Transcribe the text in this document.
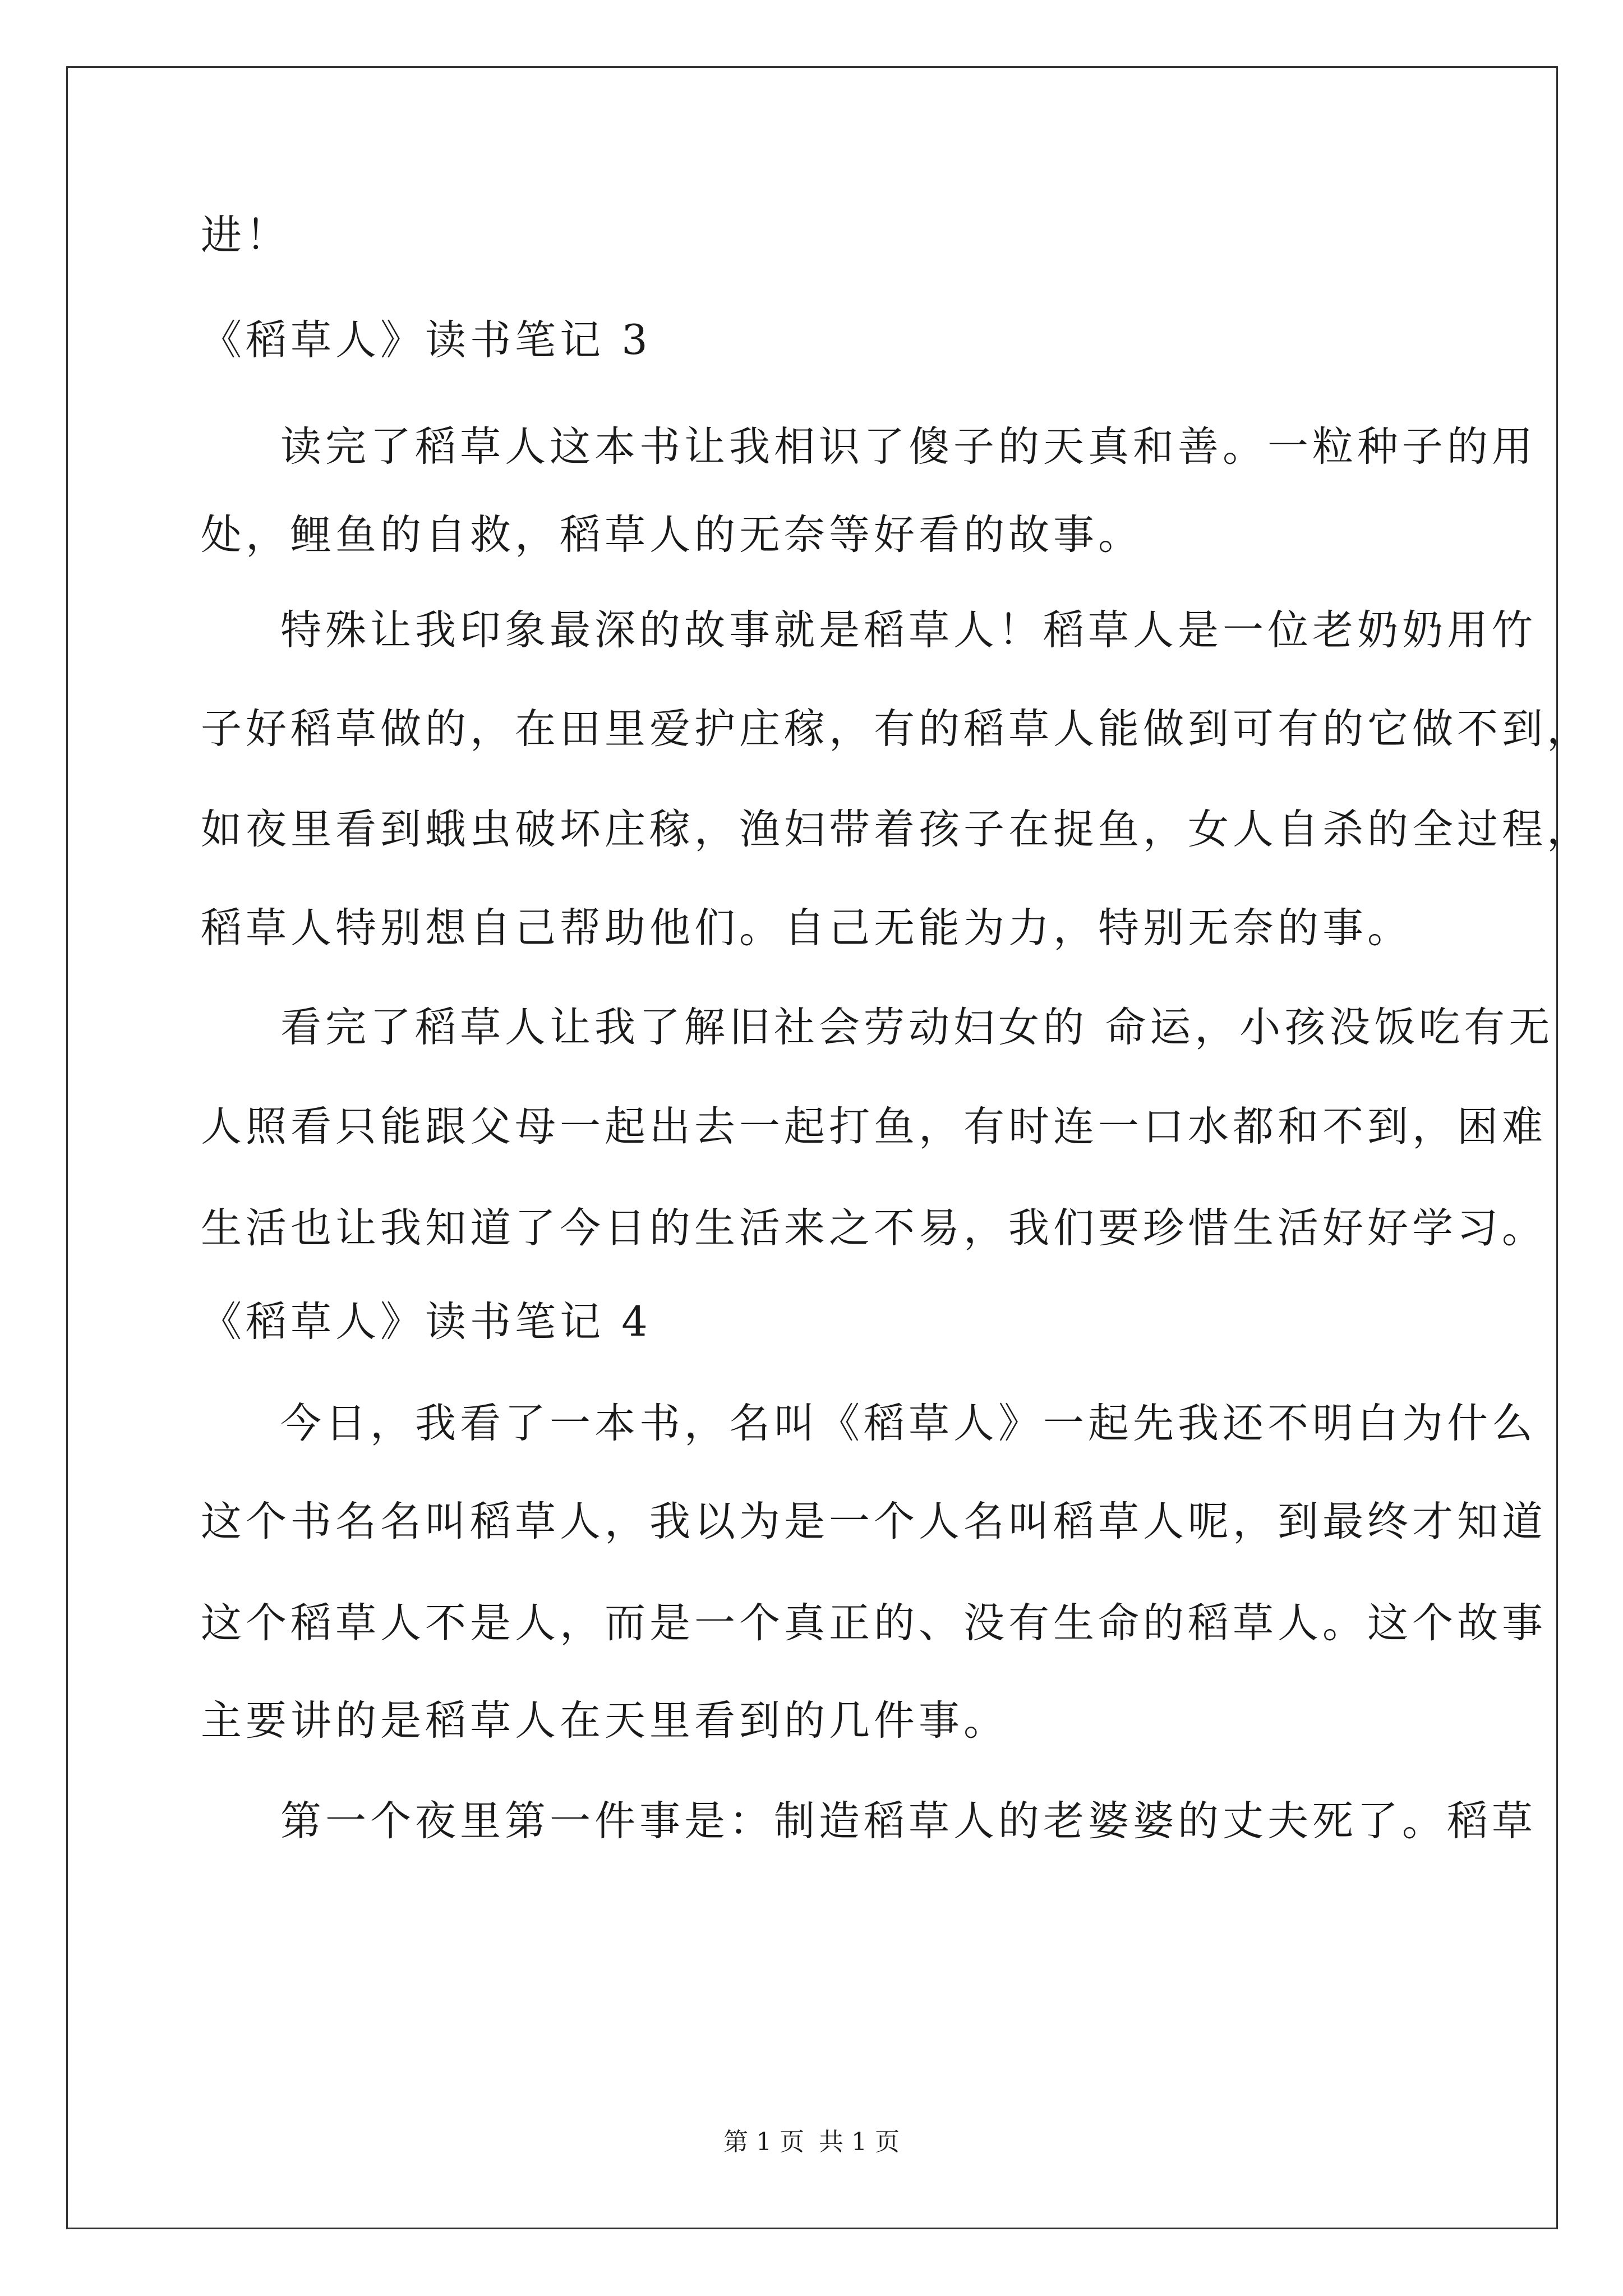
进！
《稻草人》读书笔记 3
读完了稻草人这本书让我相识了傻子的天真和善。一粒种子的用
处，鲤鱼的自救，稻草人的无奈等好看的故事。
特殊让我印象最深的故事就是稻草人！稻草人是一位老奶奶用竹
子好稻草做的，在田里爱护庄稼，有的稻草人能做到可有的它做不到，
如夜里看到蛾虫破坏庄稼，渔妇带着孩子在捉鱼，女人自杀的全过程，
稻草人特别想自己帮助他们。自己无能为力，特别无奈的事。
看完了稻草人让我了解旧社会劳动妇女的 命运，小孩没饭吃有无
人照看只能跟父母一起出去一起打鱼，有时连一口水都和不到，困难
生活也让我知道了今日的生活来之不易，我们要珍惜生活好好学习。
《稻草人》读书笔记 4
今日，我看了一本书，名叫《稻草人》一起先我还不明白为什么
这个书名名叫稻草人，我以为是一个人名叫稻草人呢，到最终才知道
这个稻草人不是人，而是一个真正的、没有生命的稻草人。这个故事
主要讲的是稻草人在天里看到的几件事。
第一个夜里第一件事是：制造稻草人的老婆婆的丈夫死了。稻草
第 1 页 共 1 页
